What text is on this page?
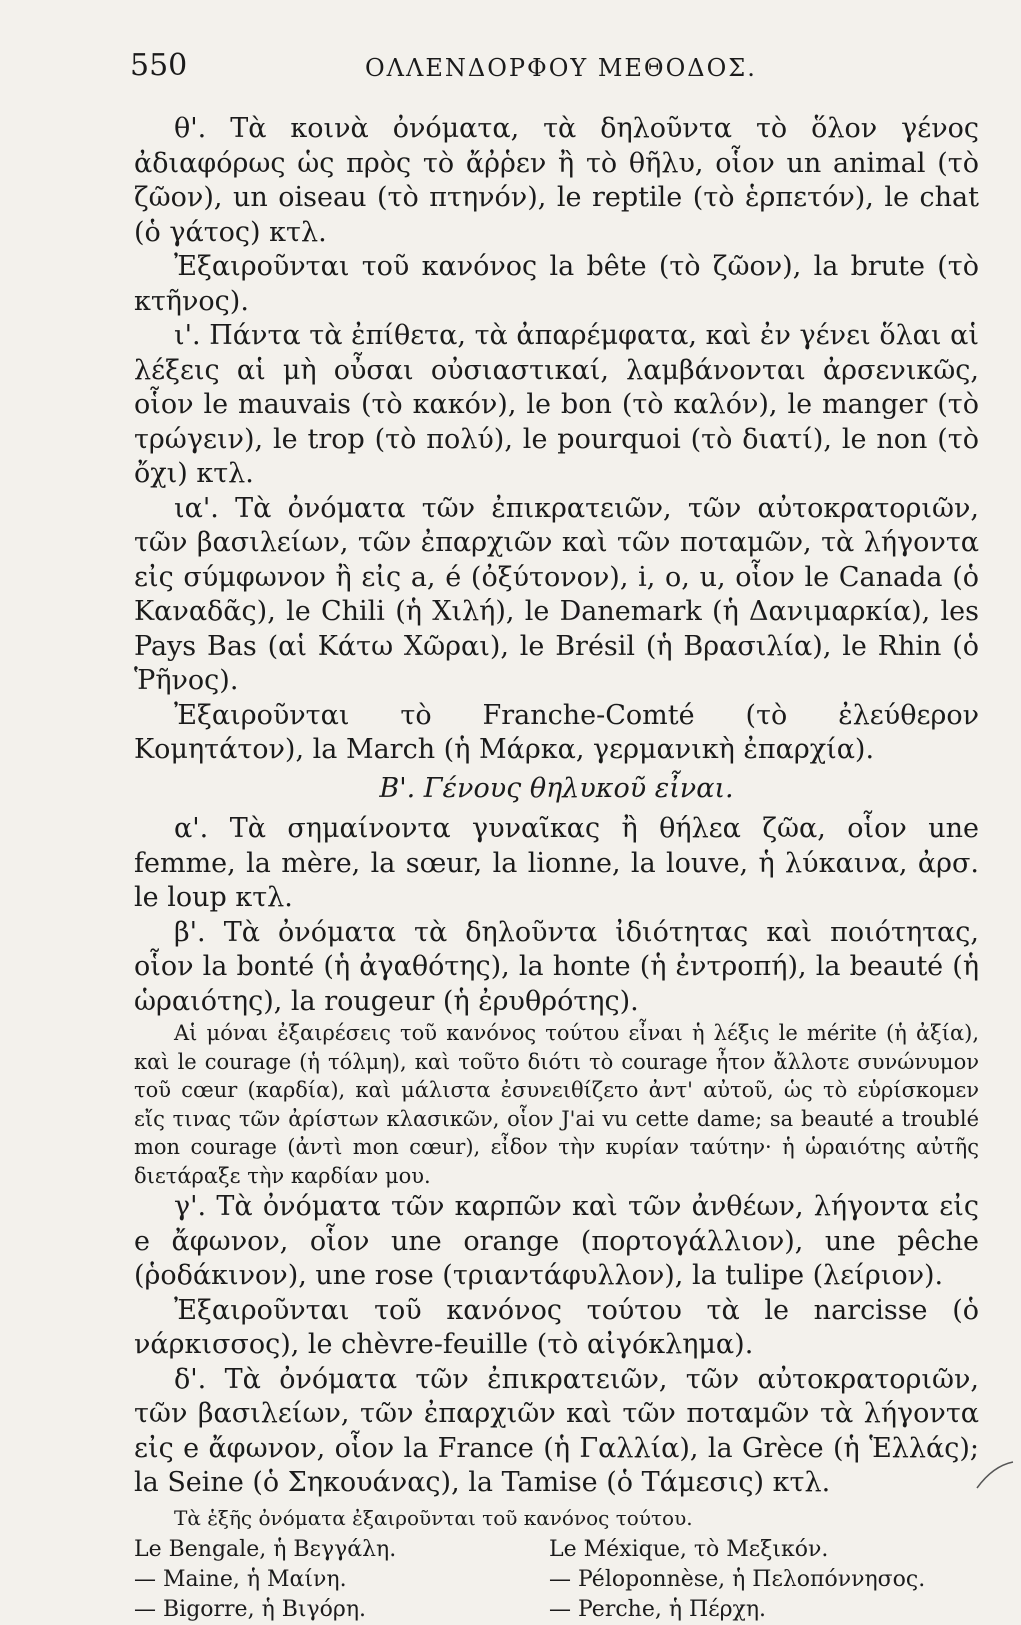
550	ΟΛΛΕΝΔΟΡΦΟΥ ΜΕΘΟΔΟΣ.

θ'. Τὰ κοινὰ ὀνόματα, τὰ δηλοῦντα τὸ ὅλον γένος ἀδιαφόρως ὡς πρὸς τὸ ἄῤῥεν ἢ τὸ θῆλυ, οἷον un animal (τὸ ζῶον), un oiseau (τὸ πτηνόν), le reptile (τὸ ἑρπετόν), le chat (ὁ γάτος) κτλ.

Ἐξαιροῦνται τοῦ κανόνος la bête (τὸ ζῶον), la brute (τὸ κτῆνος).

ι'. Πάντα τὰ ἐπίθετα, τὰ ἀπαρέμφατα, καὶ ἐν γένει ὅλαι αἱ λέξεις αἱ μὴ οὖσαι οὐσιαστικαί, λαμβάνονται ἀρσενικῶς, οἷον le mauvais (τὸ κακόν), le bon (τὸ καλόν), le manger (τὸ τρώγειν), le trop (τὸ πολύ), le pourquoi (τὸ διατί), le non (τὸ ὄχι) κτλ.

ια'. Τὰ ὀνόματα τῶν ἐπικρατειῶν, τῶν αὐτοκρατοριῶν, τῶν βασιλείων, τῶν ἐπαρχιῶν καὶ τῶν ποταμῶν, τὰ λήγοντα εἰς σύμφωνον ἢ εἰς a, é (ὀξύτονον), i, o, u, οἷον le Canada (ὁ Καναδᾶς), le Chili (ἡ Χιλή), le Danemark (ἡ Δανιμαρκία), les Pays Bas (αἱ Κάτω Χῶραι), le Brésil (ἡ Βρασιλία), le Rhin (ὁ Ῥῆνος).

Ἐξαιροῦνται τὸ Franche-Comté (τὸ ἐλεύθερον Κομητάτον), la March (ἡ Μάρκα, γερμανικὴ ἐπαρχία).

Β'. Γένους θηλυκοῦ εἶναι.

α'. Τὰ σημαίνοντα γυναῖκας ἢ θήλεα ζῶα, οἷον une femme, la mère, la sœur, la lionne, la louve, ἡ λύκαινα, ἀρσ. le loup κτλ.

β'. Τὰ ὀνόματα τὰ δηλοῦντα ἰδιότητας καὶ ποιότητας, οἷον la bonté (ἡ ἀγαθότης), la honte (ἡ ἐντροπή), la beauté (ἡ ὡραιότης), la rougeur (ἡ ἐρυθρότης).

Αἱ μόναι ἐξαιρέσεις τοῦ κανόνος τούτου εἶναι ἡ λέξις le mérite (ἡ ἀξία), καὶ le courage (ἡ τόλμη), καὶ τοῦτο διότι τὸ courage ἦτον ἄλλοτε συνώνυμον τοῦ cœur (καρδία), καὶ μάλιστα ἐσυνειθίζετο ἀντ' αὐτοῦ, ὡς τὸ εὑρίσκομεν εἴς τινας τῶν ἀρίστων κλασικῶν, οἷον J'ai vu cette dame; sa beauté a troublé mon courage (ἀντὶ mon cœur), εἶδον τὴν κυρίαν ταύτην· ἡ ὡραιότης αὐτῆς διετάραξε τὴν καρδίαν μου.

γ'. Τὰ ὀνόματα τῶν καρπῶν καὶ τῶν ἀνθέων, λήγοντα εἰς e ἄφωνον, οἷον une orange (πορτογάλλιον), une pêche (ῥοδάκινον), une rose (τριαντάφυλλον), la tulipe (λείριον).

Ἐξαιροῦνται τοῦ κανόνος τούτου τὰ le narcisse (ὁ νάρκισσος), le chèvre-feuille (τὸ αἰγόκλημα).

δ'. Τὰ ὀνόματα τῶν ἐπικρατειῶν, τῶν αὐτοκρατοριῶν, τῶν βασιλείων, τῶν ἐπαρχιῶν καὶ τῶν ποταμῶν τὰ λήγοντα εἰς e ἄφωνον, οἷον la France (ἡ Γαλλία), la Grèce (ἡ Ἑλλάς); la Seine (ὁ Σηκουάνας), la Tamise (ὁ Τάμεσις) κτλ.

Τὰ ἑξῆς ὀνόματα ἐξαιροῦνται τοῦ κανόνος τούτου.

Le Bengale, ἡ Βεγγάλη.	Le Méxique, τὸ Μεξικόν.
— Maine, ἡ Μαίνη.	— Péloponnèse, ἡ Πελοπόννησος.
— Bigorre, ἡ Βιγόρη.	— Perche, ἡ Πέρχη.
